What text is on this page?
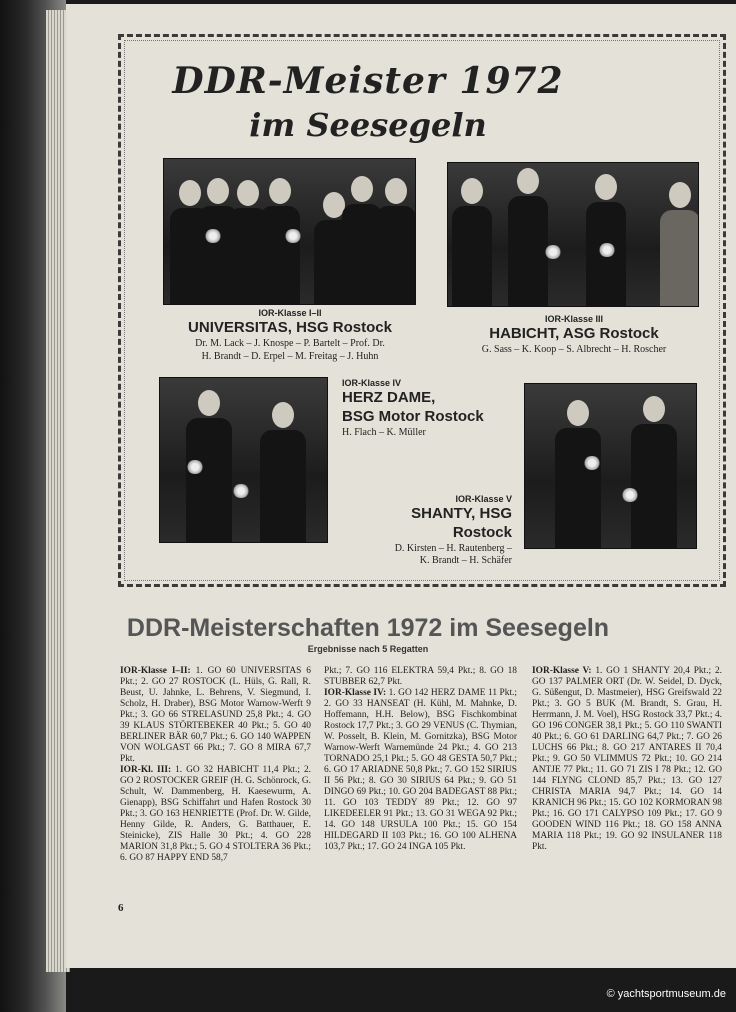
DDR-Meister 1972
im Seesegeln
IOR-Klasse I–II
UNIVERSITAS, HSG Rostock
Dr. M. Lack – J. Knospe – P. Bartelt – Prof. Dr.
H. Brandt – D. Erpel – M. Freitag – J. Huhn
IOR-Klasse III
HABICHT, ASG Rostock
G. Sass – K. Koop – S. Albrecht – H. Roscher
IOR-Klasse IV
HERZ DAME,
BSG Motor Rostock
H. Flach – K. Müller
IOR-Klasse V
SHANTY, HSG Rostock
D. Kirsten – H. Rautenberg –
K. Brandt – H. Schäfer
DDR-Meisterschaften 1972 im Seesegeln
Ergebnisse nach 5 Regatten
IOR-Klasse I–II: 1. GO 60 UNIVERSITAS 6 Pkt.; 2. GO 27 ROSTOCK (L. Hüls, G. Rall, R. Beust, U. Jahnke, L. Behrens, V. Siegmund, I. Scholz, H. Draber), BSG Motor Warnow-Werft 9 Pkt.; 3. GO 66 STRELASUND 25,8 Pkt.; 4. GO 39 KLAUS STÖRTEBEKER 40 Pkt.; 5. GO 40 BERLINER BÄR 60,7 Pkt.; 6. GO 140 WAPPEN VON WOLGAST 66 Pkt.; 7. GO 8 MIRA 67,7 Pkt.
IOR-Kl. III: 1. GO 32 HABICHT 11,4 Pkt.; 2. GO 2 ROSTOCKER GREIF (H. G. Schönrock, G. Schult, W. Dammenberg, H. Kaesewurm, A. Gienapp), BSG Schiffahrt und Hafen Rostock 30 Pkt.; 3. GO 163 HENRIETTE (Prof. Dr. W. Gilde, Henny Gilde, R. Anders, G. Batthauer, E. Steinicke), ZIS Halle 30 Pkt.; 4. GO 228 MARION 31,8 Pkt.; 5. GO 4 STOLTERA 36 Pkt.; 6. GO 87 HAPPY END 58,7
Pkt.; 7. GO 116 ELEKTRA 59,4 Pkt.; 8. GO 18 STUBBER 62,7 Pkt.
IOR-Klasse IV: 1. GO 142 HERZ DAME 11 Pkt.; 2. GO 33 HANSEAT (H. Kühl, M. Mahnke, D. Hoffemann, H.H. Below), BSG Fischkombinat Rostock 17,7 Pkt.; 3. GO 29 VENUS (C. Thymian, W. Posselt, B. Klein, M. Gornitzka), BSG Motor Warnow-Werft Warnemünde 24 Pkt.; 4. GO 213 TORNADO 25,1 Pkt.; 5. GO 48 GESTA 50,7 Pkt.; 6. GO 17 ARIADNE 50,8 Pkt.; 7. GO 152 SIRIUS II 56 Pkt.; 8. GO 30 SIRIUS 64 Pkt.; 9. GO 51 DINGO 69 Pkt.; 10. GO 204 BADEGAST 88 Pkt.; 11. GO 103 TEDDY 89 Pkt.; 12. GO 97 LIKEDEELER 91 Pkt.; 13. GO 31 WEGA 92 Pkt.; 14. GO 148 URSULA 100 Pkt.; 15. GO 154 HILDEGARD II 103 Pkt.; 16. GO 100 ALHENA 103,7 Pkt.; 17. GO 24 INGA 105 Pkt.
IOR-Klasse V: 1. GO 1 SHANTY 20,4 Pkt.; 2. GO 137 PALMER ORT (Dr. W. Seidel, D. Dyck, G. Süßengut, D. Mastmeier), HSG Greifswald 22 Pkt.; 3. GO 5 BUK (M. Brandt, S. Grau, H. Herrmann, J. M. Voel), HSG Rostock 33,7 Pkt.; 4. GO 196 CONGER 38,1 Pkt.; 5. GO 110 SWANTI 40 Pkt.; 6. GO 61 DARLING 64,7 Pkt.; 7. GO 26 LUCHS 66 Pkt.; 8. GO 217 ANTARES II 70,4 Pkt.; 9. GO 50 VLIMMUS 72 Pkt.; 10. GO 214 ANTJE 77 Pkt.; 11. GO 71 ZIS I 78 Pkt.; 12. GO 144 FLYNG CLOND 85,7 Pkt.; 13. GO 127 CHRISTA MARIA 94,7 Pkt.; 14. GO 14 KRANICH 96 Pkt.; 15. GO 102 KORMORAN 98 Pkt.; 16. GO 171 CALYPSO 109 Pkt.; 17. GO 9 GOODEN WIND 116 Pkt.; 18. GO 158 ANNA MARIA 118 Pkt.; 19. GO 92 INSULANER 118 Pkt.
6
© yachtsportmuseum.de
